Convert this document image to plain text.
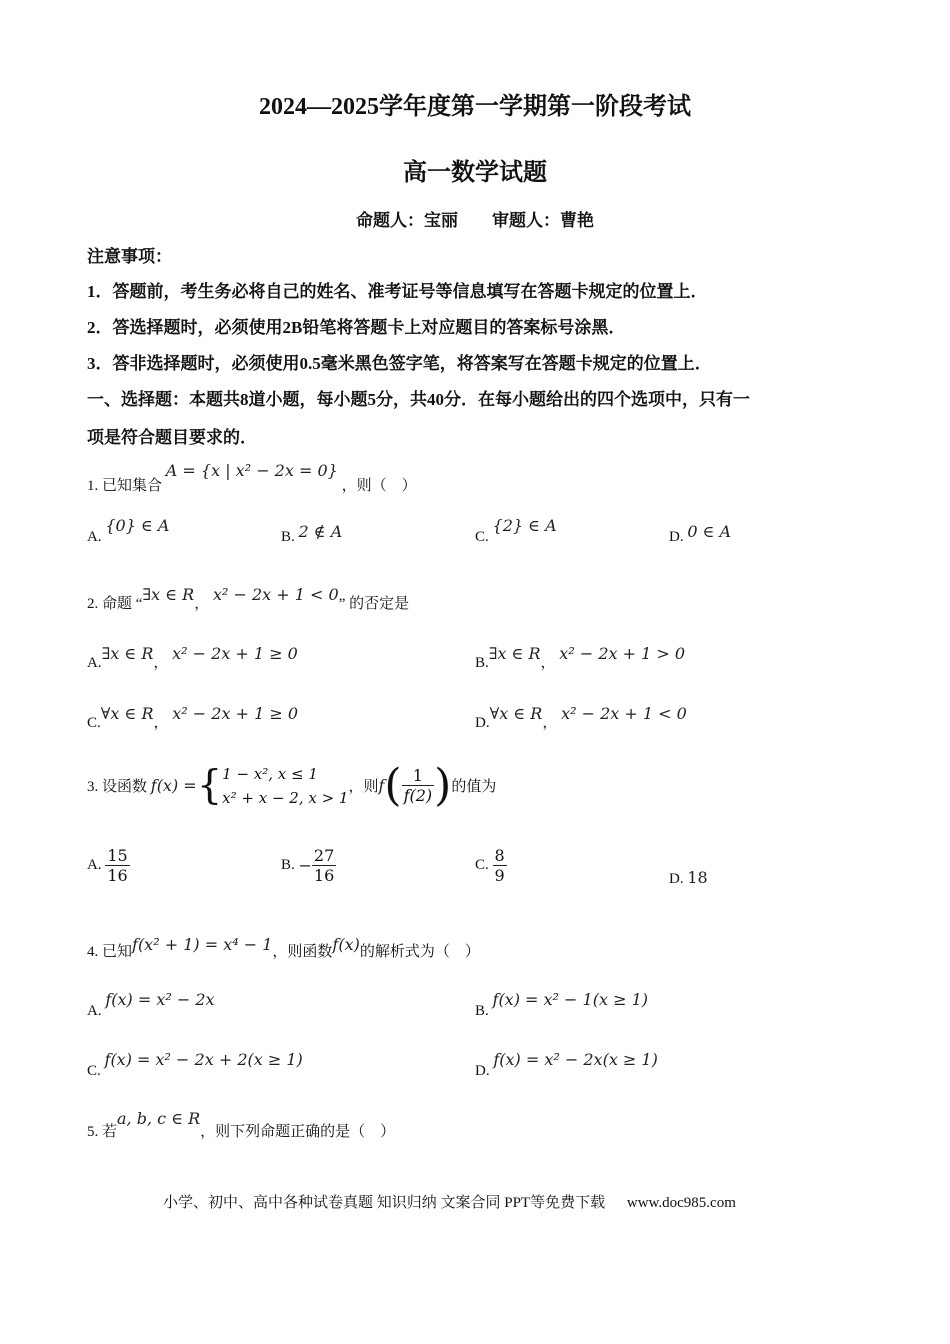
2024—2025学年度第一学期第一阶段考试
高一数学试题
命题人：宝丽　　审题人：曹艳
注意事项：
1．答题前，考生务必将自己的姓名、准考证号等信息填写在答题卡规定的位置上．
2．答选择题时，必须使用2B铅笔将答题卡上对应题目的答案标号涂黑．
3．答非选择题时，必须使用0.5毫米黑色签字笔，将答案写在答题卡规定的位置上．
一、选择题：本题共8道小题，每小题5分，共40分．在每小题给出的四个选项中，只有一
项是符合题目要求的．
1. 已知集合 A = {x | x² − 2x = 0} ，则（　）
A. {0} ∈ A
B. 2 ∉ A	C. {2} ∈ A
D. 0 ∈ A
2. 命题 “∃x ∈ R， x² − 2x + 1 < 0” 的否定是
A.∃x ∈ R， x² − 2x + 1 ≥ 0	B.∃x ∈ R， x² − 2x + 1 > 0
C.∀x ∈ R， x² − 2x + 1 ≥ 0	D.∀x ∈ R， x² − 2x + 1 < 0
3. 设函数 f(x) ={ 1 − x², x ≤ 1
x² + x − 2, x > 1
，则$f( \frac{1}{f(2)}$ )的值为
A. $\frac{15}{16}$	B. − $\frac{27}{16}$	C. $\frac{8}{9}$	D. 18
4. 已知f(x² + 1) = x⁴ − 1，则函数f(x)的解析式为（　）
A. f(x) = x² − 2x
B. f(x) = x² − 1(x ≥ 1)
C. f(x) = x² − 2x + 2(x ≥ 1)
D. f(x) = x² − 2x(x ≥ 1)
5. 若a, b, c ∈ R，则下列命题正确的是（　）
小学、初中、高中各种试卷真题 知识归纳 文案合同 PPT等免费下载 www.doc985.com
